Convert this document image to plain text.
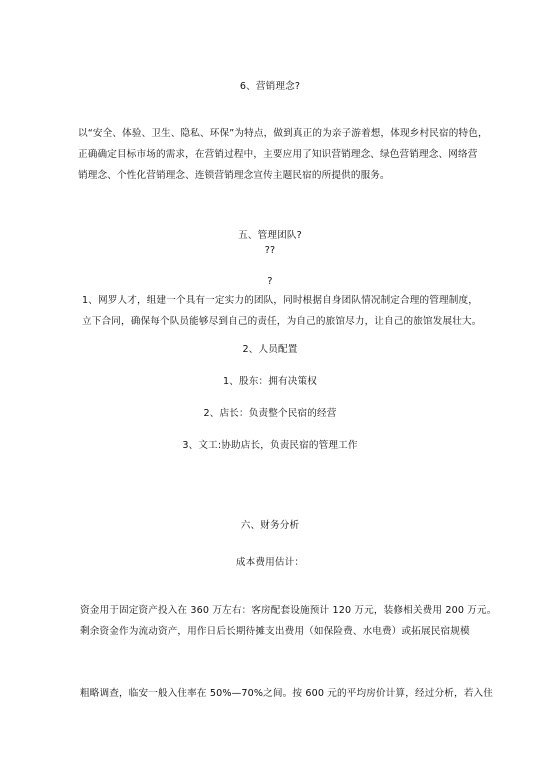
6、营销理念?
以“安全、体验、卫生、隐私、环保”为特点，做到真正的为亲子游着想，体现乡村民宿的特色，
正确确定目标市场的需求，在营销过程中，主要应用了知识营销理念、绿色营销理念、网络营
销理念、个性化营销理念、连锁营销理念宣传主题民宿的所提供的服务。
五、管理团队?
??
?
1、网罗人才，组建一个具有一定实力的团队，同时根据自身团队情况制定合理的管理制度，
立下合同，确保每个队员能够尽到自己的责任，为自己的旅馆尽力，让自己的旅馆发展壮大。
2、人员配置
1、股东：拥有决策权
2、店长：负责整个民宿的经营
3、文工:协助店长，负责民宿的管理工作
六、财务分析
成本费用估计：
资金用于固定资产投入在 360 万左右：客房配套设施预计 120 万元，装修相关费用 200 万元。
剩余资金作为流动资产，用作日后长期待摊支出费用（如保险费、水电费）或拓展民宿规模
粗略调查，临安一般入住率在 50%—70%之间。按 600 元的平均房价计算，经过分析，若入住
